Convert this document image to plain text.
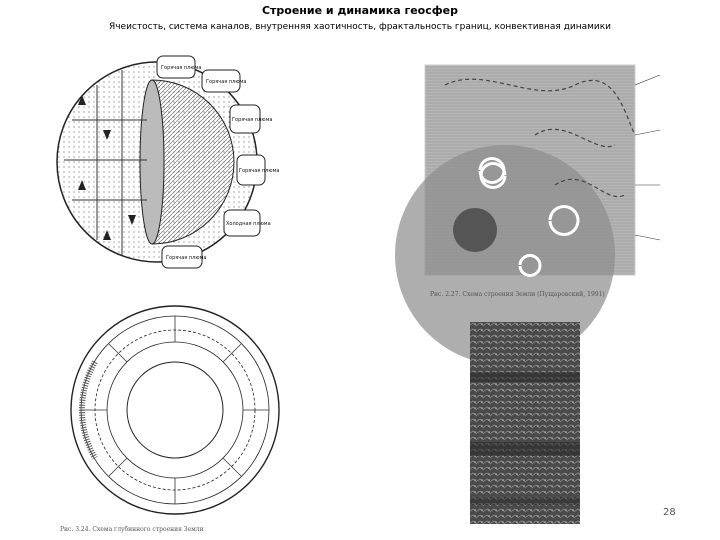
Строение и динамика геосфер
Ячеистость, система каналов, внутренняя хаотичность, фрактальность границ, конвективная динамики
Горячая плюма
Горячая плюма
Горячая плюма
Горячая плюма
Холодная плюма
Горячая плюма
Рис. 2.27. Схема строения Земли (Пущаровский, 1991)
Рис. 3.24. Схема глубинного строения Земли
28
